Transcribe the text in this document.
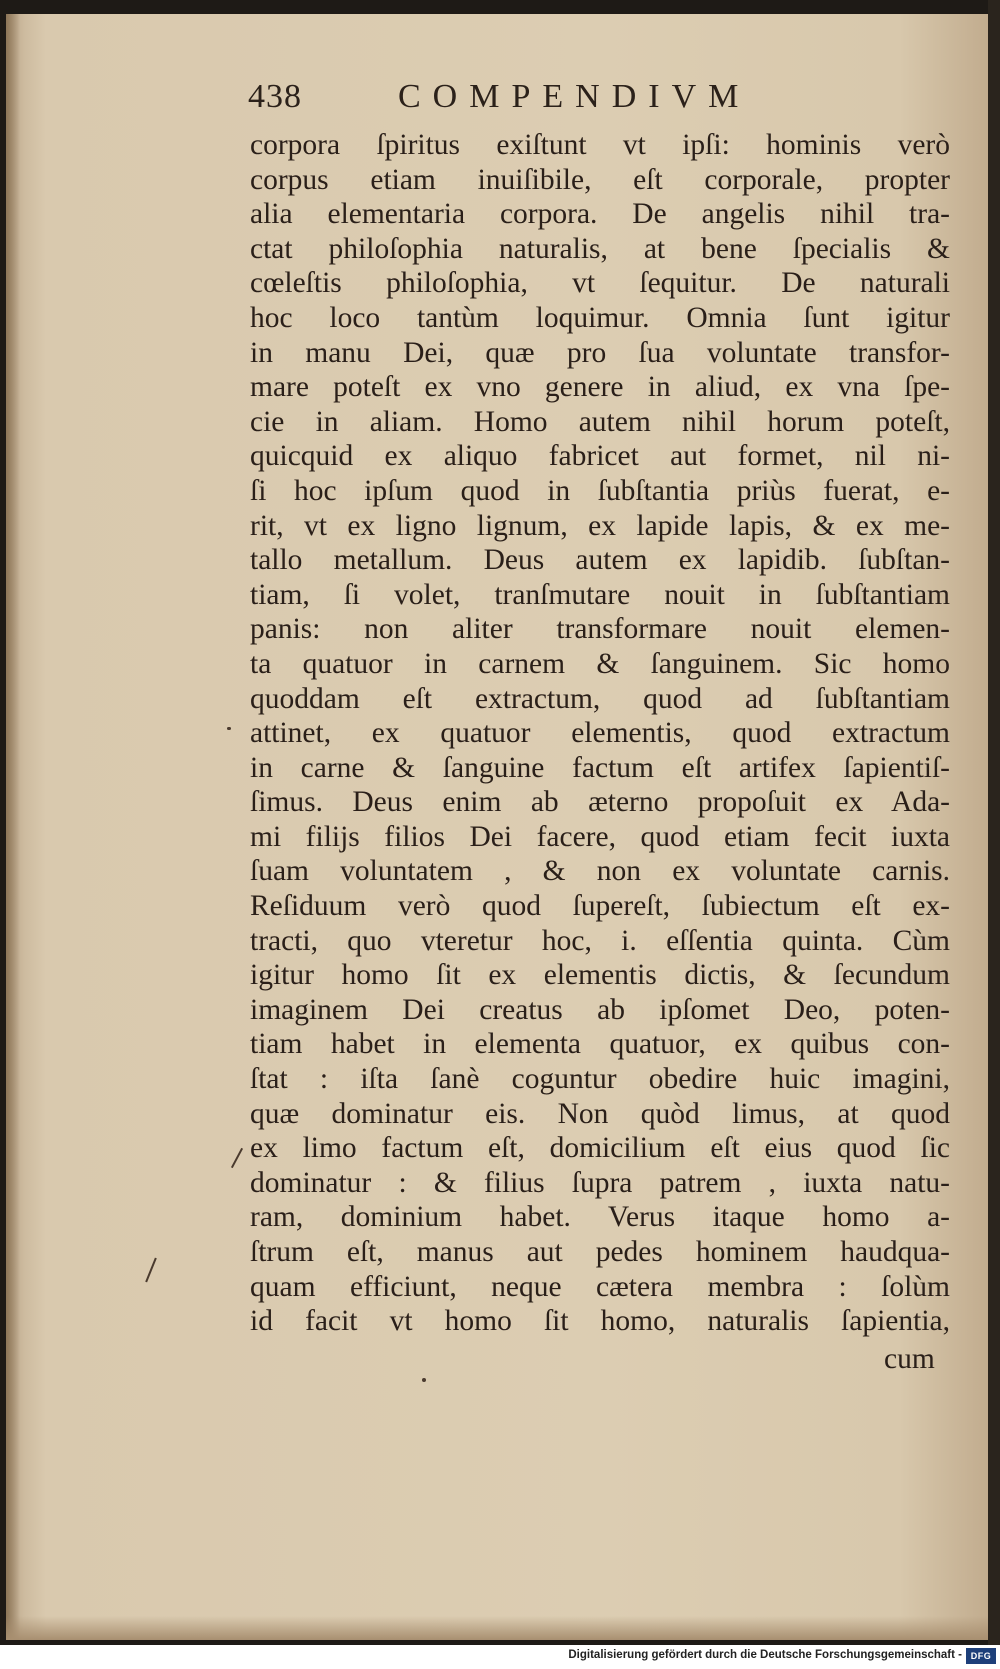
438	COMPENDIVM
corpora ſpiritus exiſtunt vt ipſi: hominis verò
corpus etiam inuiſibile, eſt corporale, propter
alia elementaria corpora. De angelis nihil tra-
ctat philoſophia naturalis, at bene ſpecialis &
cœleſtis philoſophia, vt ſequitur. De naturali
hoc loco tantùm loquimur. Omnia ſunt igitur
in manu Dei, quæ pro ſua voluntate transfor-
mare poteſt ex vno genere in aliud, ex vna ſpe-
cie in aliam. Homo autem nihil horum poteſt,
quicquid ex aliquo fabricet aut formet, nil ni-
ſi hoc ipſum quod in ſubſtantia priùs fuerat, e-
rit, vt ex ligno lignum, ex lapide lapis, & ex me-
tallo metallum. Deus autem ex lapidib. ſubſtan-
tiam, ſi volet, tranſmutare nouit in ſubſtantiam
panis: non aliter transformare nouit elemen-
ta quatuor in carnem & ſanguinem. Sic homo
quoddam eſt extractum, quod ad ſubſtantiam
attinet, ex quatuor elementis, quod extractum
in carne & ſanguine factum eſt artifex ſapientiſ-
ſimus. Deus enim ab æterno propoſuit ex Ada-
mi filijs filios Dei facere, quod etiam fecit iuxta
ſuam voluntatem , & non ex voluntate carnis.
Reſiduum verò quod ſupereſt, ſubiectum eſt ex-
tracti, quo vteretur hoc, i. eſſentia quinta. Cùm
igitur homo ſit ex elementis dictis, & ſecundum
imaginem Dei creatus ab ipſomet Deo, poten-
tiam habet in elementa quatuor, ex quibus con-
ſtat : iſta ſanè coguntur obedire huic imagini,
quæ dominatur eis. Non quòd limus, at quod
ex limo factum eſt, domicilium eſt eius quod ſic
dominatur : & filius ſupra patrem , iuxta natu-
ram, dominium habet. Verus itaque homo a-
ſtrum eſt, manus aut pedes hominem haudqua-
quam efficiunt, neque cætera membra : ſolùm
id facit vt homo ſit homo, naturalis ſapientia,
cum
Digitalisierung gefördert durch die Deutsche Forschungsgemeinschaft - DFG
